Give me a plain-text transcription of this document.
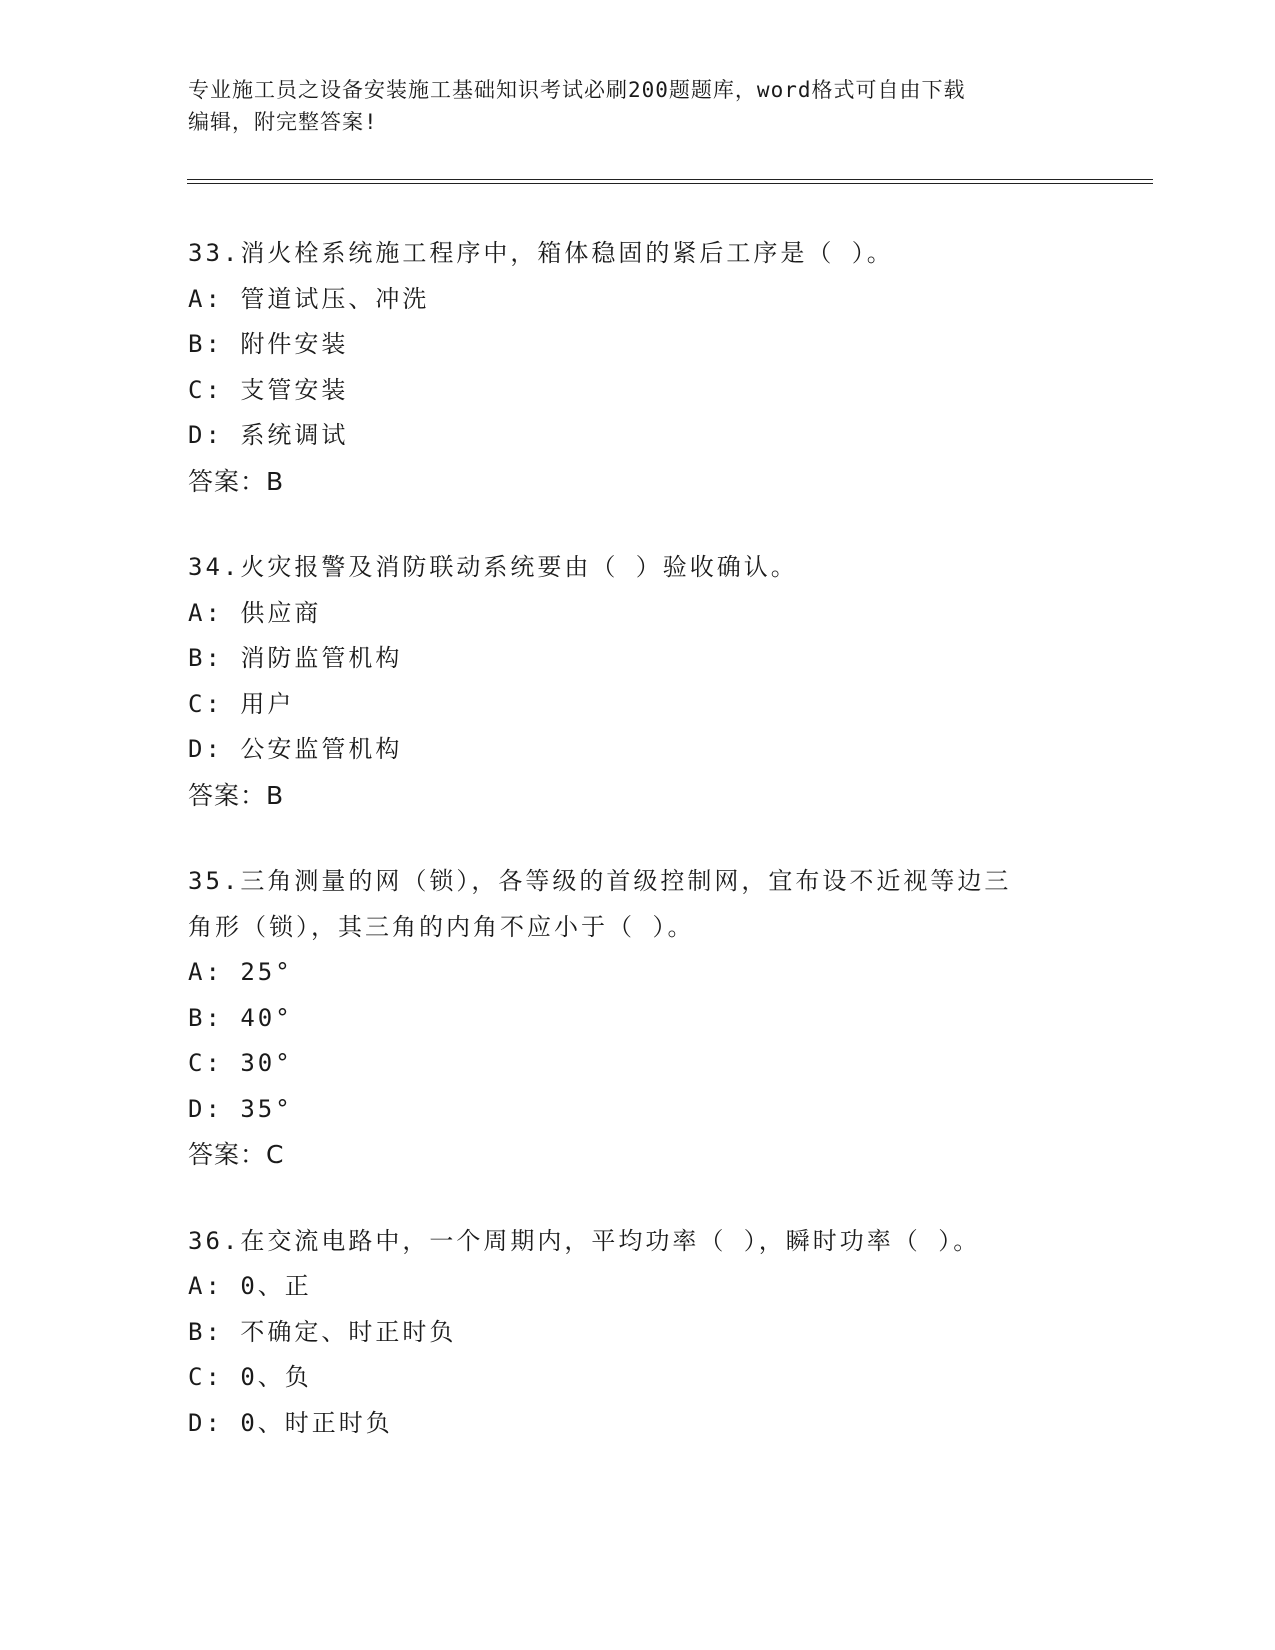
专业施工员之设备安装施工基础知识考试必刷200题题库，word格式可自由下载
编辑，附完整答案!
33.消火栓系统施工程序中，箱体稳固的紧后工序是（ ）。
A: 管道试压、冲洗
B: 附件安装
C: 支管安装
D: 系统调试
答案：B
34.火灾报警及消防联动系统要由（ ）验收确认。
A: 供应商
B: 消防监管机构
C: 用户
D: 公安监管机构
答案：B
35.三角测量的网（锁），各等级的首级控制网，宜布设不近视等边三
角形（锁），其三角的内角不应小于（ ）。
A: 25°
B: 40°
C: 30°
D: 35°
答案：C
36.在交流电路中，一个周期内，平均功率（ ），瞬时功率（ ）。
A: 0、正
B: 不确定、时正时负
C: 0、负
D: 0、时正时负
